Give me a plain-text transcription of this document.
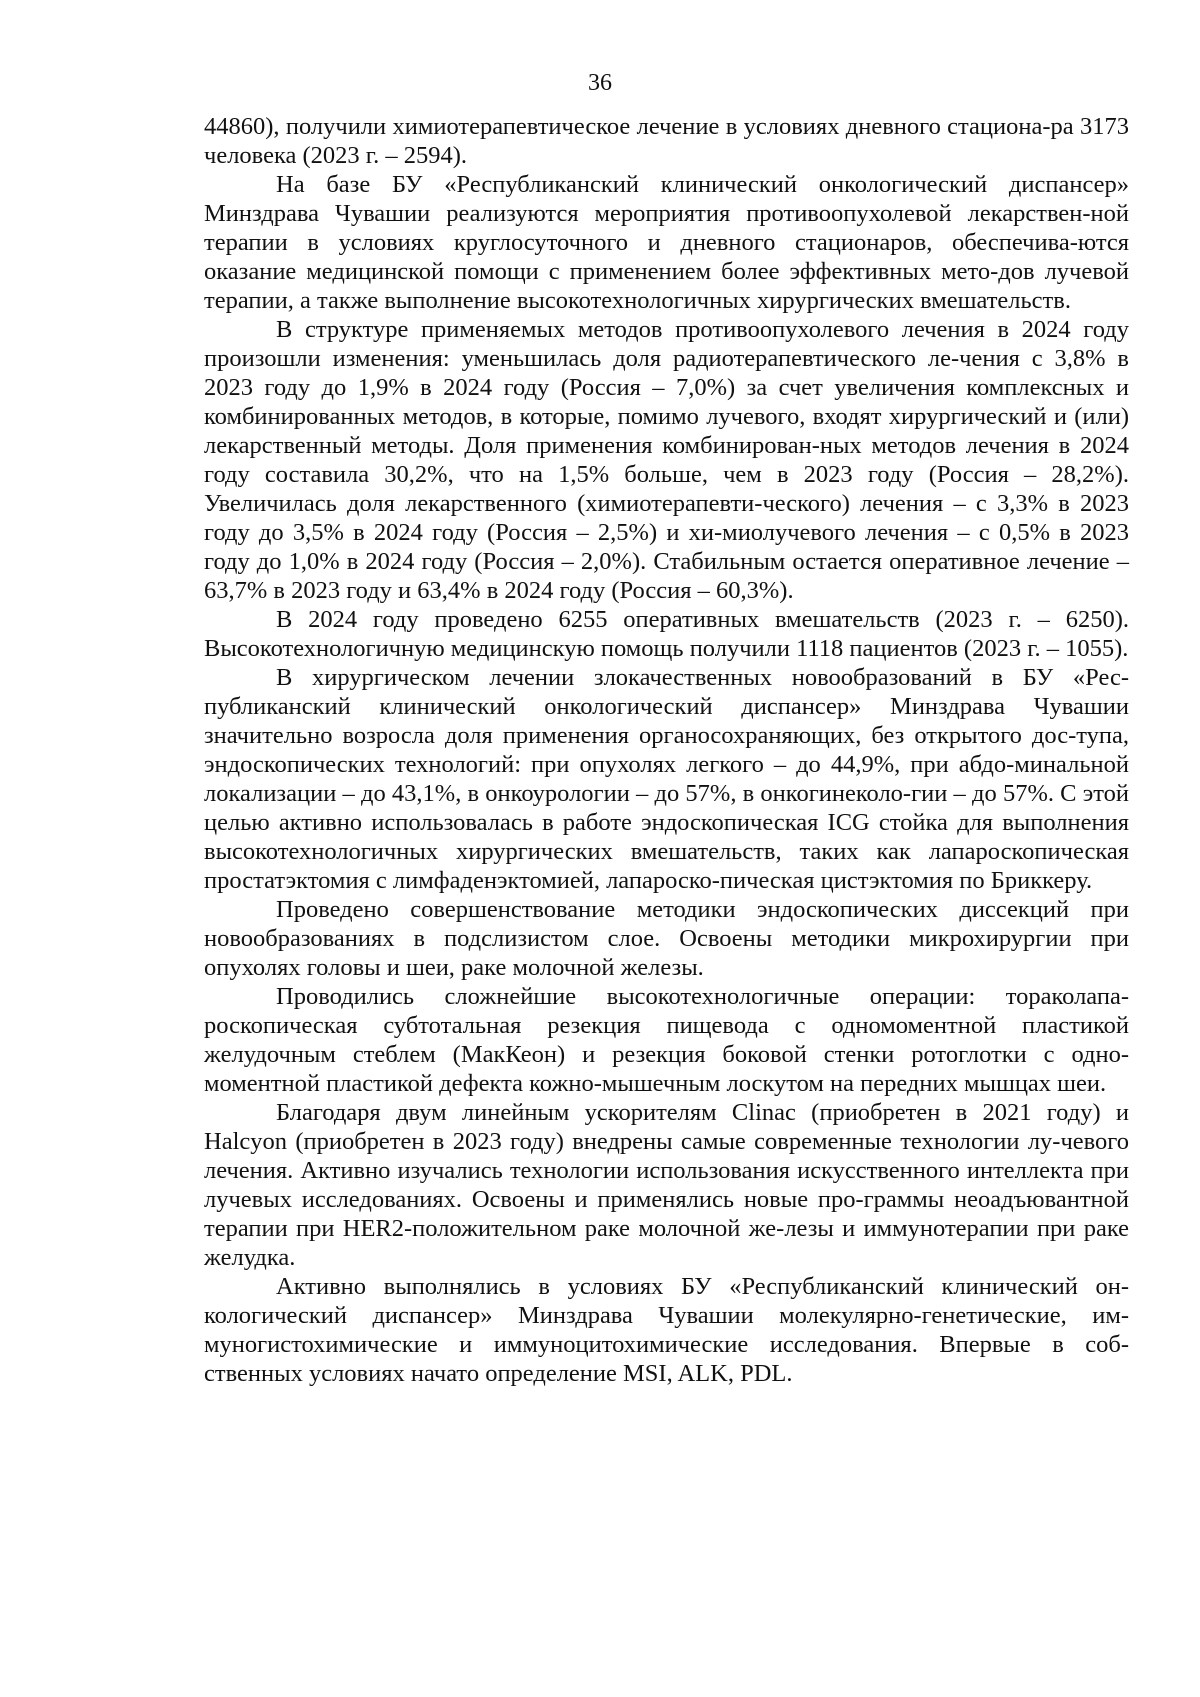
36

44860), получили химиотерапевтическое лечение в условиях дневного стациона-ра 3173 человека (2023 г. – 2594).

На базе БУ «Республиканский клинический онкологический диспансер» Минздрава Чувашии реализуются мероприятия противоопухолевой лекарствен-ной терапии в условиях круглосуточного и дневного стационаров, обеспечива-ются оказание медицинской помощи с применением более эффективных мето-дов лучевой терапии, а также выполнение высокотехнологичных хирургических вмешательств.

В структуре применяемых методов противоопухолевого лечения в 2024 году произошли изменения: уменьшилась доля радиотерапевтического ле-чения с 3,8% в 2023 году до 1,9% в 2024 году (Россия – 7,0%) за счет увеличения комплексных и комбинированных методов, в которые, помимо лучевого, входят хирургический и (или) лекарственный методы. Доля применения комбинирован-ных методов лечения в 2024 году составила 30,2%, что на 1,5% больше, чем в 2023 году (Россия – 28,2%). Увеличилась доля лекарственного (химиотерапевти-ческого) лечения – с 3,3% в 2023 году до 3,5% в 2024 году (Россия – 2,5%) и хи-миолучевого лечения – с 0,5% в 2023 году до 1,0% в 2024 году (Россия – 2,0%). Стабильным остается оперативное лечение – 63,7% в 2023 году и 63,4% в 2024 году (Россия – 60,3%).

В 2024 году проведено 6255 оперативных вмешательств (2023 г. – 6250). Высокотехнологичную медицинскую помощь получили 1118 пациентов (2023 г. – 1055).

В хирургическом лечении злокачественных новообразований в БУ «Рес-публиканский клинический онкологический диспансер» Минздрава Чувашии значительно возросла доля применения органосохраняющих, без открытого дос-тупа, эндоскопических технологий: при опухолях легкого – до 44,9%, при абдо-минальной локализации – до 43,1%, в онкоурологии – до 57%, в онкогинеколо-гии – до 57%. С этой целью активно использовалась в работе эндоскопическая ICG стойка для выполнения высокотехнологичных хирургических вмешательств, таких как лапароскопическая простатэктомия с лимфаденэктомией, лапароско-пическая цистэктомия по Бриккеру.

Проведено совершенствование методики эндоскопических диссекций при новообразованиях в подслизистом слое. Освоены методики микрохирургии при опухолях головы и шеи, раке молочной железы.

Проводились сложнейшие высокотехнологичные операции: тораколапа-роскопическая субтотальная резекция пищевода с одномоментной пластикой желудочным стеблем (МакКеон) и резекция боковой стенки ротоглотки с одно-моментной пластикой дефекта кожно-мышечным лоскутом на передних мышцах шеи.

Благодаря двум линейным ускорителям Clinac (приобретен в 2021 году) и Halcyon (приобретен в 2023 году) внедрены самые современные технологии лу-чевого лечения. Активно изучались технологии использования искусственного интеллекта при лучевых исследованиях. Освоены и применялись новые про-граммы неоадъювантной терапии при HER2-положительном раке молочной же-лезы и иммунотерапии при раке желудка.

Активно выполнялись в условиях БУ «Республиканский клинический он-кологический диспансер» Минздрава Чувашии молекулярно-генетические, им-муногистохимические и иммуноцитохимические исследования. Впервые в соб-ственных условиях начато определение MSI, ALK, PDL.
